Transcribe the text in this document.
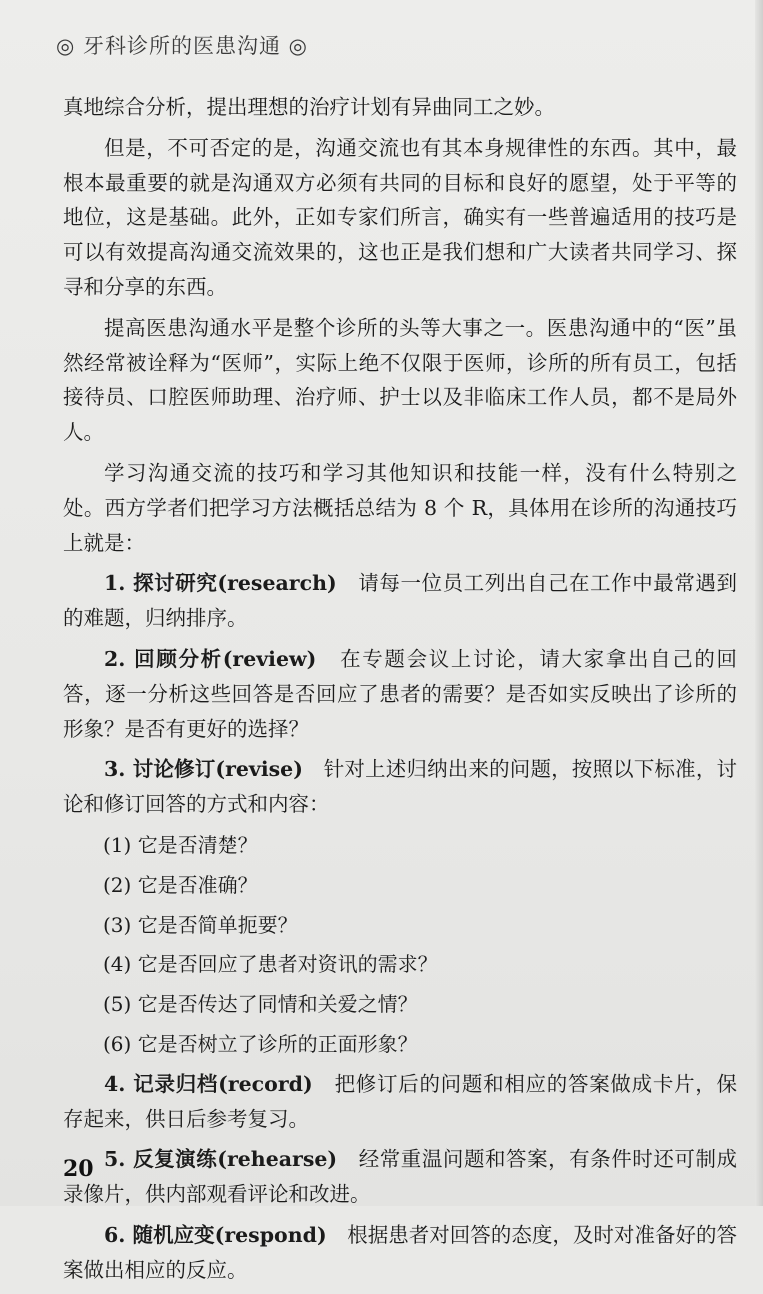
◎ 牙科诊所的医患沟通 ◎

真地综合分析，提出理想的治疗计划有异曲同工之妙。

但是，不可否定的是，沟通交流也有其本身规律性的东西。其中，最根本最重要的就是沟通双方必须有共同的目标和良好的愿望，处于平等的地位，这是基础。此外，正如专家们所言，确实有一些普遍适用的技巧是可以有效提高沟通交流效果的，这也正是我们想和广大读者共同学习、探寻和分享的东西。

提高医患沟通水平是整个诊所的头等大事之一。医患沟通中的“医”虽然经常被诠释为“医师”，实际上绝不仅限于医师，诊所的所有员工，包括接待员、口腔医师助理、治疗师、护士以及非临床工作人员，都不是局外人。

学习沟通交流的技巧和学习其他知识和技能一样，没有什么特别之处。西方学者们把学习方法概括总结为 8 个 R，具体用在诊所的沟通技巧上就是：

1. 探讨研究(research)　 请每一位员工列出自己在工作中最常遇到的难题，归纳排序。

2. 回顾分析(review)　 在专题会议上讨论，请大家拿出自己的回答，逐一分析这些回答是否回应了患者的需要？是否如实反映出了诊所的形象？是否有更好的选择？

3. 讨论修订(revise)　 针对上述归纳出来的问题，按照以下标准，讨论和修订回答的方式和内容：

(1) 它是否清楚？

(2) 它是否准确？

(3) 它是否简单扼要？

(4) 它是否回应了患者对资讯的需求？

(5) 它是否传达了同情和关爱之情？

(6) 它是否树立了诊所的正面形象？

4. 记录归档(record)　 把修订后的问题和相应的答案做成卡片，保存起来，供日后参考复习。

5. 反复演练(rehearse)　 经常重温问题和答案，有条件时还可制成录像片，供内部观看评论和改进。

6. 随机应变(respond)　 根据患者对回答的态度，及时对准备好的答案做出相应的反应。

20
